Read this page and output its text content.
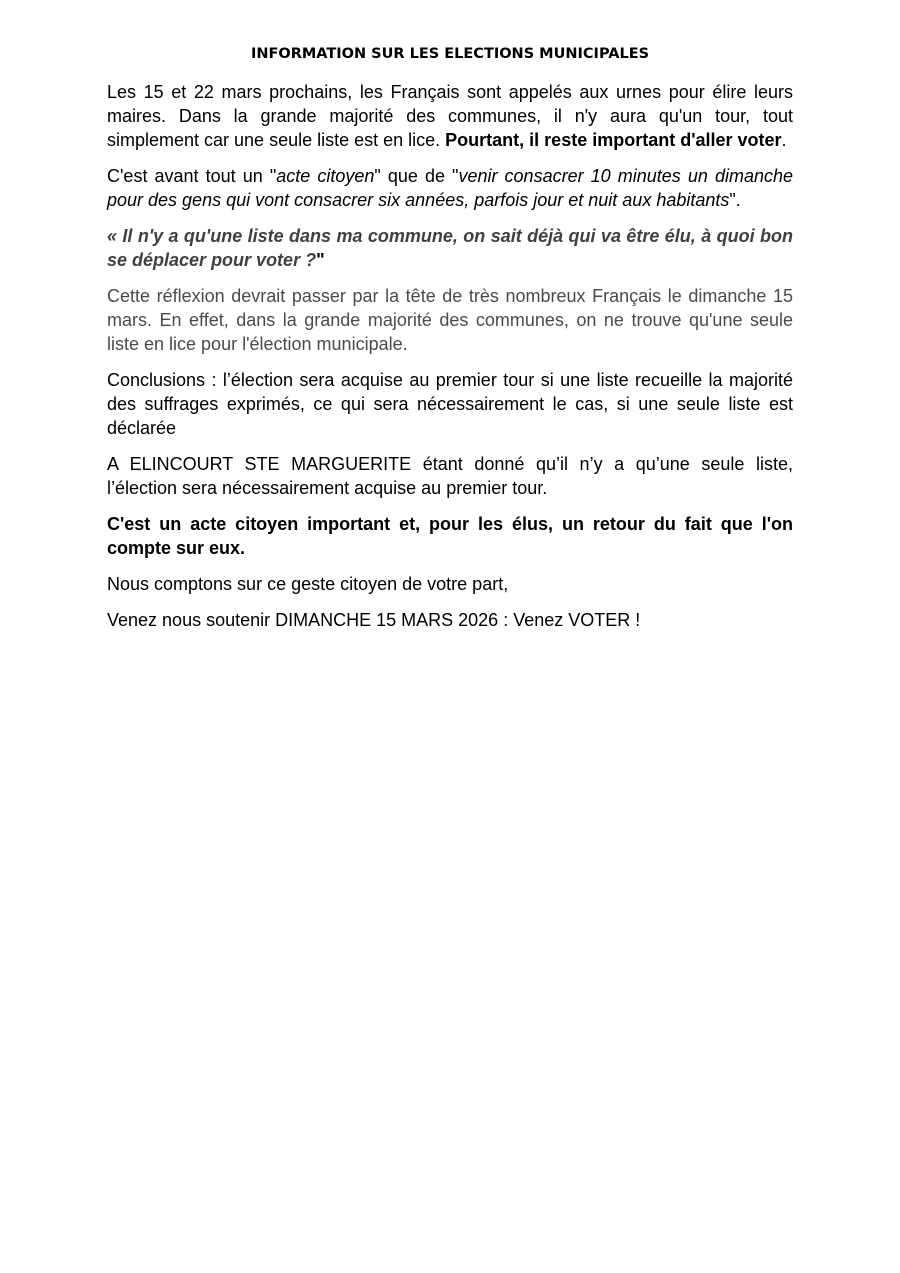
INFORMATION SUR LES ELECTIONS MUNICIPALES

Les 15 et 22 mars prochains, les Français sont appelés aux urnes pour élire leurs maires. Dans la grande majorité des communes, il n'y aura qu'un tour, tout simplement car une seule liste est en lice. Pourtant, il reste important d'aller voter.

C'est avant tout un "acte citoyen" que de "venir consacrer 10 minutes un dimanche pour des gens qui vont consacrer six années, parfois jour et nuit aux habitants".

« Il n'y a qu'une liste dans ma commune, on sait déjà qui va être élu, à quoi bon se déplacer pour voter ?"

Cette réflexion devrait passer par la tête de très nombreux Français le dimanche 15 mars. En effet, dans la grande majorité des communes, on ne trouve qu'une seule liste en lice pour l'élection municipale.

Conclusions : l’élection sera acquise au premier tour si une liste recueille la majorité des suffrages exprimés, ce qui sera nécessairement le cas, si une seule liste est déclarée

A ELINCOURT STE MARGUERITE étant donné qu’il n’y a qu’une seule liste, l’élection sera nécessairement acquise au premier tour.

C'est un acte citoyen important et, pour les élus, un retour du fait que l'on compte sur eux.

Nous comptons sur ce geste citoyen de votre part,

Venez nous soutenir DIMANCHE 15 MARS 2026 : Venez VOTER !
